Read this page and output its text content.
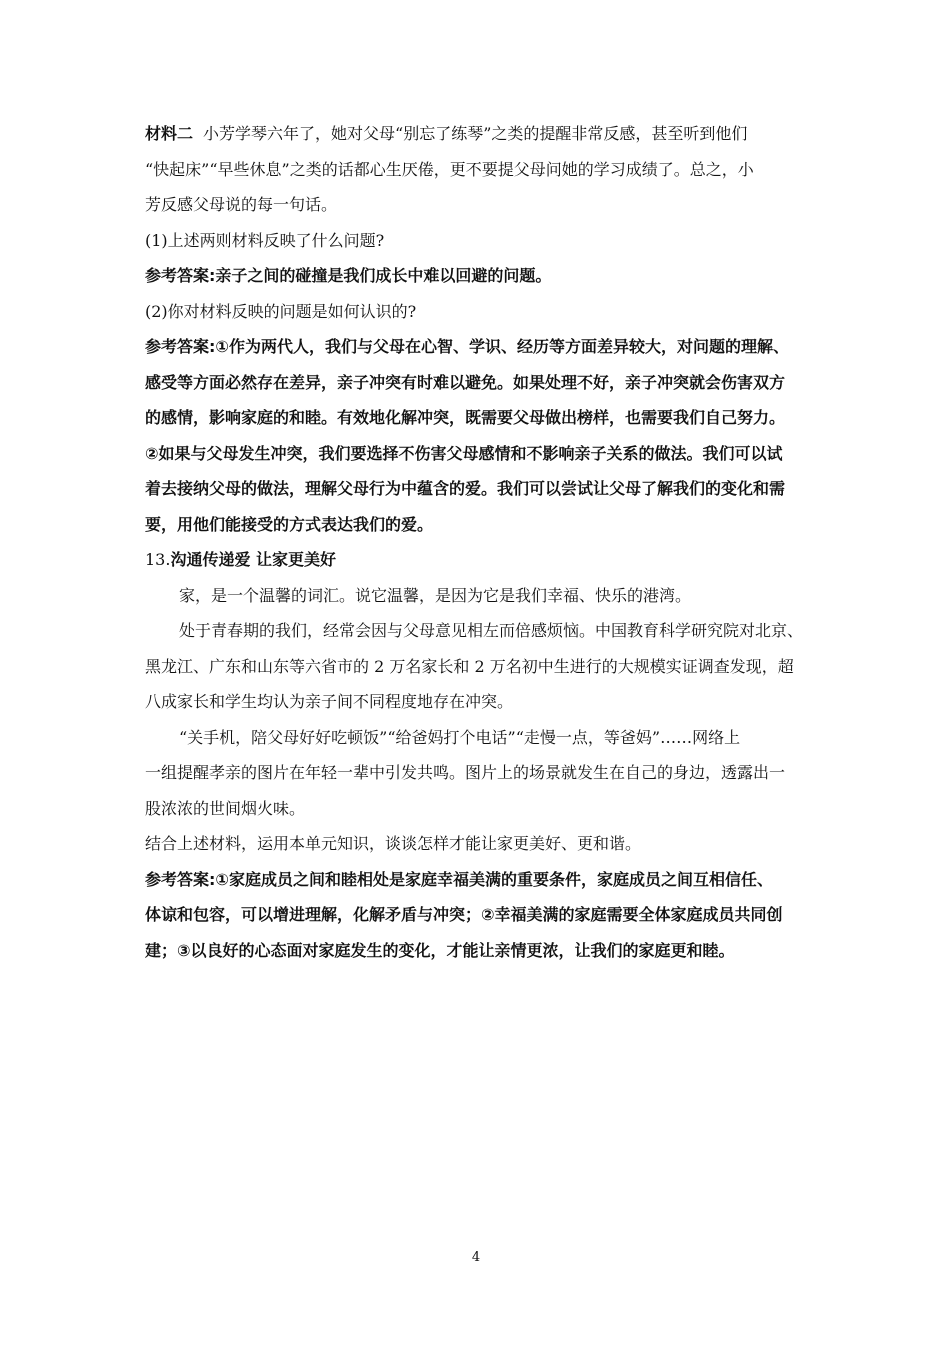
材料二 小芳学琴六年了，她对父母“别忘了练琴”之类的提醒非常反感，甚至听到他们
“快起床”“早些休息”之类的话都心生厌倦，更不要提父母问她的学习成绩了。总之，小
芳反感父母说的每一句话。
(1)上述两则材料反映了什么问题?
参考答案:亲子之间的碰撞是我们成长中难以回避的问题。
(2)你对材料反映的问题是如何认识的?
参考答案:①作为两代人，我们与父母在心智、学识、经历等方面差异较大，对问题的理解、
感受等方面必然存在差异，亲子冲突有时难以避免。如果处理不好，亲子冲突就会伤害双方
的感情，影响家庭的和睦。有效地化解冲突，既需要父母做出榜样，也需要我们自己努力。
②如果与父母发生冲突，我们要选择不伤害父母感情和不影响亲子关系的做法。我们可以试
着去接纳父母的做法，理解父母行为中蕴含的爱。我们可以尝试让父母了解我们的变化和需
要，用他们能接受的方式表达我们的爱。
13.沟通传递爱 让家更美好
家，是一个温馨的词汇。说它温馨，是因为它是我们幸福、快乐的港湾。
处于青春期的我们，经常会因与父母意见相左而倍感烦恼。中国教育科学研究院对北京、
黑龙江、广东和山东等六省市的 2 万名家长和 2 万名初中生进行的大规模实证调查发现，超
八成家长和学生均认为亲子间不同程度地存在冲突。
“关手机，陪父母好好吃顿饭”“给爸妈打个电话”“走慢一点，等爸妈”……网络上
一组提醒孝亲的图片在年轻一辈中引发共鸣。图片上的场景就发生在自己的身边，透露出一
股浓浓的世间烟火味。
结合上述材料，运用本单元知识，谈谈怎样才能让家更美好、更和谐。
参考答案:①家庭成员之间和睦相处是家庭幸福美满的重要条件，家庭成员之间互相信任、
体谅和包容，可以增进理解，化解矛盾与冲突；②幸福美满的家庭需要全体家庭成员共同创
建；③以良好的心态面对家庭发生的变化，才能让亲情更浓，让我们的家庭更和睦。
4
